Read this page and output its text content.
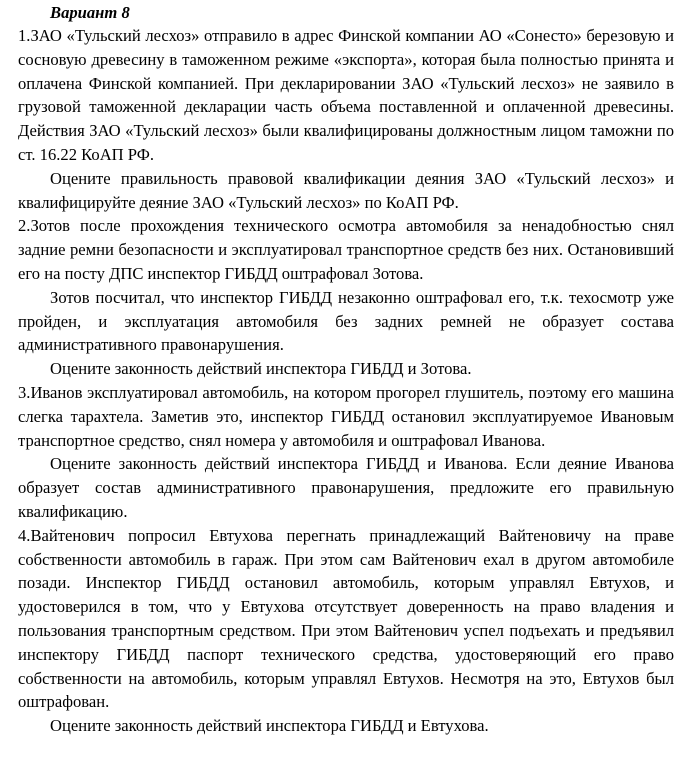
Вариант 8

1.ЗАО «Тульский лесхоз» отправило в адрес Финской компании АО «Сонесто» березовую и сосновую древесину в таможенном режиме «экспорта», которая была полностью принята и оплачена Финской компанией. При декларировании ЗАО «Тульский лесхоз» не заявило в грузовой таможенной декларации часть объема поставленной и оплаченной древесины. Действия ЗАО «Тульский лесхоз» были квалифицированы должностным лицом таможни по ст. 16.22 КоАП РФ.

Оцените правильность правовой квалификации деяния ЗАО «Тульский лесхоз» и квалифицируйте деяние ЗАО «Тульский лесхоз» по КоАП РФ.

2.Зотов после прохождения технического осмотра автомобиля за ненадобностью снял задние ремни безопасности и эксплуатировал транспортное средств без них. Остановивший его на посту ДПС инспектор ГИБДД оштрафовал Зотова.

Зотов посчитал, что инспектор ГИБДД незаконно оштрафовал его, т.к. техосмотр уже пройден, и эксплуатация автомобиля без задних ремней не образует состава административного правонарушения.

Оцените законность действий инспектора ГИБДД и Зотова.

3.Иванов эксплуатировал автомобиль, на котором прогорел глушитель, поэтому его машина слегка тарахтела. Заметив это, инспектор ГИБДД остановил эксплуатируемое Ивановым транспортное средство, снял номера у автомобиля и оштрафовал Иванова.

Оцените законность действий инспектора ГИБДД и Иванова. Если деяние Иванова образует состав административного правонарушения, предложите его правильную квалификацию.

4.Вайтенович попросил Евтухова перегнать принадлежащий Вайтеновичу на праве собственности автомобиль в гараж. При этом сам Вайтенович ехал в другом автомобиле позади. Инспектор ГИБДД остановил автомобиль, которым управлял Евтухов, и удостоверился в том, что у Евтухова отсутствует доверенность на право владения и пользования транспортным средством. При этом Вайтенович успел подъехать и предъявил инспектору ГИБДД паспорт технического средства, удостоверяющий его право собственности на автомобиль, которым управлял Евтухов. Несмотря на это, Евтухов был оштрафован.

Оцените законность действий инспектора ГИБДД и Евтухова.
